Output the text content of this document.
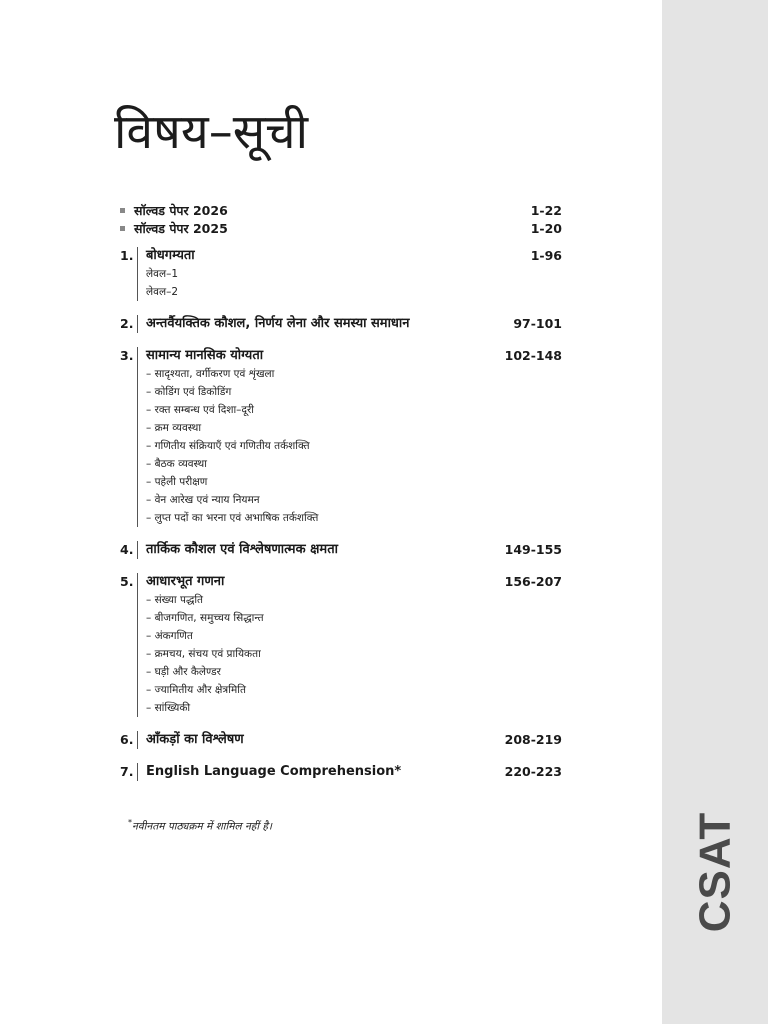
CSAT
विषय–सूची
सॉल्वड पेपर 2026	1-22
सॉल्वड पेपर 2025	1-20
1. बोधगम्यता	1-96
लेवल–1
लेवल–2
2. अन्तर्वैयक्तिक कौशल, निर्णय लेना और समस्या समाधान	97-101
3. सामान्य मानसिक योग्यता	102-148
– सादृश्यता, वर्गीकरण एवं शृंखला
– कोडिंग एवं डिकोडिंग
– रक्त सम्बन्ध एवं दिशा–दूरी
– क्रम व्यवस्था
– गणितीय संक्रियाएँ एवं गणितीय तर्कशक्ति
– बैठक व्यवस्था
– पहेली परीक्षण
– वेन आरेख एवं न्याय नियमन
– लुप्त पदों का भरना एवं अभाषिक तर्कशक्ति
4. तार्किक कौशल एवं विश्लेषणात्मक क्षमता	149-155
5. आधारभूत गणना	156-207
– संख्या पद्धति
– बीजगणित, समुच्चय सिद्धान्त
– अंकगणित
– क्रमचय, संचय एवं प्रायिकता
– घड़ी और कैलेण्डर
– ज्यामितीय और क्षेत्रमिति
– सांख्यिकी
6. आँकड़ों का विश्लेषण	208-219
7. English Language Comprehension*	220-223
*नवीनतम पाठ्यक्रम में शामिल नहीं है।
